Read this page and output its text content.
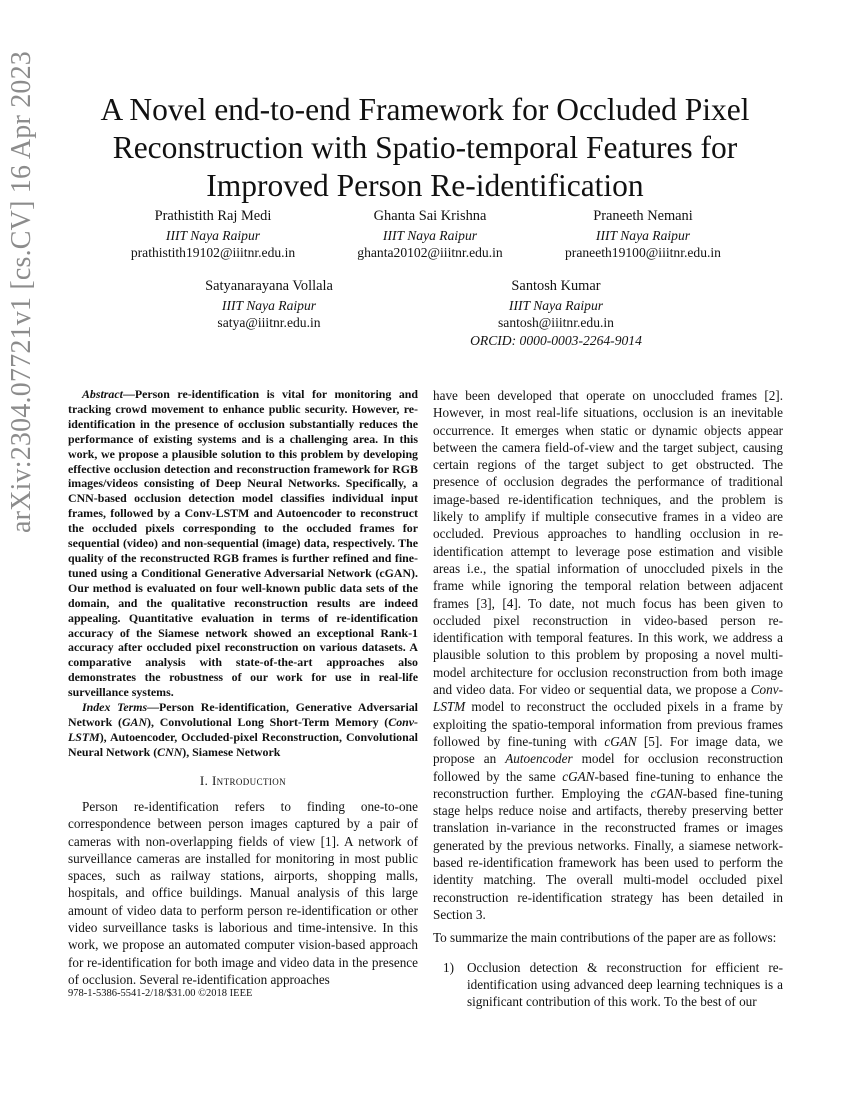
arXiv:2304.07721v1 [cs.CV] 16 Apr 2023	A Novel end-to-end Framework for Occluded Pixel
Reconstruction with Spatio-temporal Features for
Improved Person Re-identification
Prathistith Raj Medi
IIIT Naya Raipur
prathistith19102@iiitnr.edu.in
Ghanta Sai Krishna
IIIT Naya Raipur
ghanta20102@iiitnr.edu.in
Praneeth Nemani
IIIT Naya Raipur
praneeth19100@iiitnr.edu.in
Satyanarayana Vollala
IIIT Naya Raipur
satya@iiitnr.edu.in
Santosh Kumar
IIIT Naya Raipur
santosh@iiitnr.edu.in
ORCID: 0000-0003-2264-9014

Abstract—Person re-identification is vital for monitoring and tracking crowd movement to enhance public security. However, re-identification in the presence of occlusion substantially reduces the performance of existing systems and is a challenging area. In this work, we propose a plausible solution to this problem by developing effective occlusion detection and reconstruction framework for RGB images/videos consisting of Deep Neural Networks. Specifically, a CNN-based occlusion detection model classifies individual input frames, followed by a Conv-LSTM and Autoencoder to reconstruct the occluded pixels corresponding to the occluded frames for sequential (video) and non-sequential (image) data, respectively. The quality of the reconstructed RGB frames is further refined and fine-tuned using a Conditional Generative Adversarial Network (cGAN). Our method is evaluated on four well-known public data sets of the domain, and the qualitative reconstruction results are indeed appealing. Quantitative evaluation in terms of re-identification accuracy of the Siamese network showed an exceptional Rank-1 accuracy after occluded pixel reconstruction on various datasets. A comparative analysis with state-of-the-art approaches also demonstrates the robustness of our work for use in real-life surveillance systems.

Index Terms—Person Re-identification, Generative Adversarial Network (GAN), Convolutional Long Short-Term Memory (Conv-LSTM), Autoencoder, Occluded-pixel Reconstruction, Convolutional Neural Network (CNN), Siamese Network

I. Introduction

Person re-identification refers to finding one-to-one correspondence between person images captured by a pair of cameras with non-overlapping fields of view [1]. A network of surveillance cameras are installed for monitoring in most public spaces, such as railway stations, airports, shopping malls, hospitals, and office buildings. Manual analysis of this large amount of video data to perform person re-identification or other video surveillance tasks is laborious and time-intensive. In this work, we propose an automated computer vision-based approach for re-identification for both image and video data in the presence of occlusion. Several re-identification approaches

have been developed that operate on unoccluded frames [2]. However, in most real-life situations, occlusion is an inevitable occurrence. It emerges when static or dynamic objects appear between the camera field-of-view and the target subject, causing certain regions of the target subject to get obstructed. The presence of occlusion degrades the performance of traditional image-based re-identification techniques, and the problem is likely to amplify if multiple consecutive frames in a video are occluded. Previous approaches to handling occlusion in re-identification attempt to leverage pose estimation and visible areas i.e., the spatial information of unoccluded pixels in the frame while ignoring the temporal relation between adjacent frames [3], [4]. To date, not much focus has been given to occluded pixel reconstruction in video-based person re-identification with temporal features. In this work, we address a plausible solution to this problem by proposing a novel multi-model architecture for occlusion reconstruction from both image and video data. For video or sequential data, we propose a Conv-LSTM model to reconstruct the occluded pixels in a frame by exploiting the spatio-temporal information from previous frames followed by fine-tuning with cGAN [5]. For image data, we propose an Autoencoder model for occlusion reconstruction followed by the same cGAN-based fine-tuning to enhance the reconstruction further. Employing the cGAN-based fine-tuning stage helps reduce noise and artifacts, thereby preserving better translation in-variance in the reconstructed frames or images generated by the previous networks. Finally, a siamese network-based re-identification framework has been used to perform the identity matching. The overall multi-model occluded pixel reconstruction re-identification strategy has been detailed in Section 3.

To summarize the main contributions of the paper are as follows:

1) Occlusion detection & reconstruction for efficient re-identification using advanced deep learning techniques is a significant contribution of this work. To the best of our
978-1-5386-5541-2/18/$31.00 ©2018 IEEE
